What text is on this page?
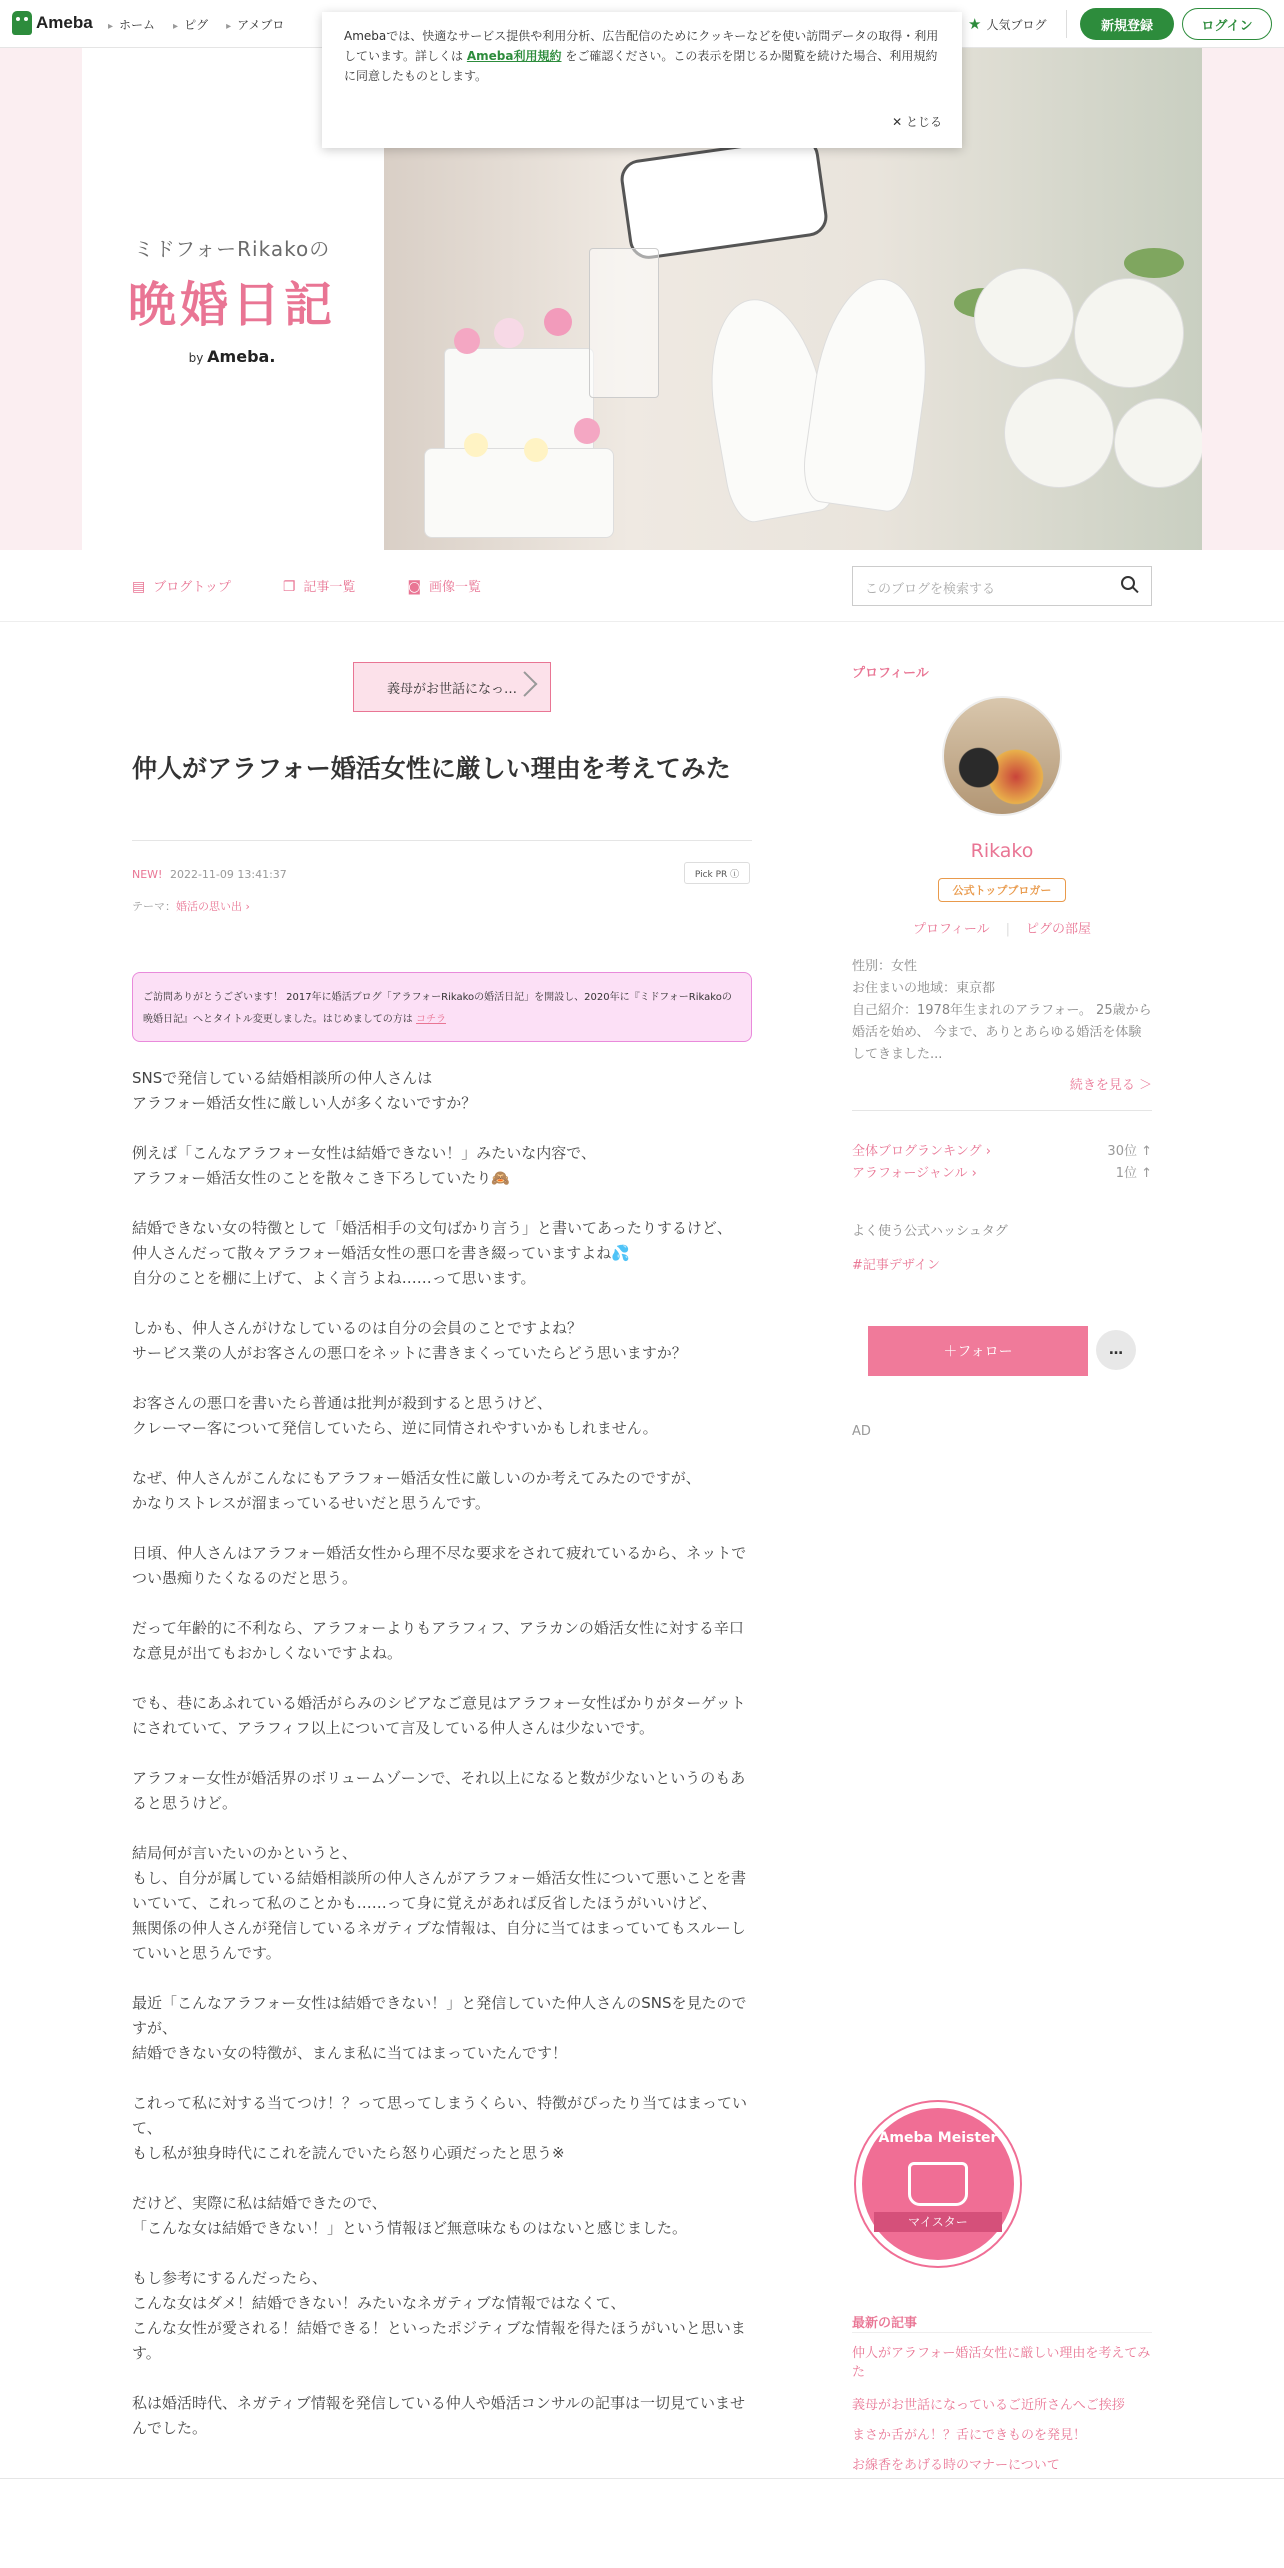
Ameba	▸ ホーム	▸ ピグ	▸ アメブロ	★ 人気ブログ	新規登録	ログイン
Amebaでは、快適なサービス提供や利用分析、広告配信のためにクッキーなどを使い訪問データの取得・利用しています。詳しくは Ameba利用規約 をご確認ください。この表示を閉じるか閲覧を続けた場合、利用規約に同意したものとします。
✕ とじる
ミドフォーRikakoの
晩婚日記
by Ameba.
▤ ブログトップ	❐ 記事一覧	◙ 画像一覧	このブログを検索する
義母がお世話になっ…
仲人がアラフォー婚活女性に厳しい理由を考えてみた
NEW! 2022-11-09 13:41:37	Pick PR ⓘ
テーマ：婚活の思い出 ›
ご訪問ありがとうございます！ 2017年に婚活ブログ「アラフォーRikakoの婚活日記」を開設し、2020年に『ミドフォーRikakoの晩婚日記』へとタイトル変更しました。はじめましての方は コチラ

SNSで発信している結婚相談所の仲人さんは
アラフォー婚活女性に厳しい人が多くないですか？

例えば「こんなアラフォー女性は結婚できない！」みたいな内容で、
アラフォー婚活女性のことを散々こき下ろしていたり🙈

結婚できない女の特徴として「婚活相手の文句ばかり言う」と書いてあったりするけど、
仲人さんだって散々アラフォー婚活女性の悪口を書き綴っていますよね💦
自分のことを棚に上げて、よく言うよね……って思います。

しかも、仲人さんがけなしているのは自分の会員のことですよね？
サービス業の人がお客さんの悪口をネットに書きまくっていたらどう思いますか？

お客さんの悪口を書いたら普通は批判が殺到すると思うけど、
クレーマー客について発信していたら、逆に同情されやすいかもしれません。

なぜ、仲人さんがこんなにもアラフォー婚活女性に厳しいのか考えてみたのですが、
かなりストレスが溜まっているせいだと思うんです。

日頃、仲人さんはアラフォー婚活女性から理不尽な要求をされて疲れているから、ネットでつい愚痴りたくなるのだと思う。

だって年齢的に不利なら、アラフォーよりもアラフィフ、アラカンの婚活女性に対する辛口な意見が出てもおかしくないですよね。

でも、巷にあふれている婚活がらみのシビアなご意見はアラフォー女性ばかりがターゲットにされていて、アラフィフ以上について言及している仲人さんは少ないです。

アラフォー女性が婚活界のボリュームゾーンで、それ以上になると数が少ないというのもあると思うけど。

結局何が言いたいのかというと、
もし、自分が属している結婚相談所の仲人さんがアラフォー婚活女性について悪いことを書いていて、これって私のことかも……って身に覚えがあれば反省したほうがいいけど、
無関係の仲人さんが発信しているネガティブな情報は、自分に当てはまっていてもスルーしていいと思うんです。

最近「こんなアラフォー女性は結婚できない！」と発信していた仲人さんのSNSを見たのですが、
結婚できない女の特徴が、まんま私に当てはまっていたんです！

これって私に対する当てつけ！？って思ってしまうくらい、特徴がぴったり当てはまっていて、
もし私が独身時代にこれを読んでいたら怒り心頭だったと思う※

だけど、実際に私は結婚できたので、
「こんな女は結婚できない！」という情報ほど無意味なものはないと感じました。

もし参考にするんだったら、
こんな女はダメ！結婚できない！みたいなネガティブな情報ではなくて、
こんな女性が愛される！結婚できる！といったポジティブな情報を得たほうがいいと思います。

私は婚活時代、ネガティブ情報を発信している仲人や婚活コンサルの記事は一切見ていませんでした。

プロフィール
Rikako
公式トップブロガー
プロフィール | ピグの部屋
性別：女性
お住まいの地域：東京都
自己紹介：1978年生まれのアラフォー。 25歳から婚活を始め、 今まで、ありとあらゆる婚活を体験してきました...
続きを見る ＞
全体ブログランキング ›	30位 ↑
アラフォージャンル ›	1位 ↑
よく使う公式ハッシュタグ
#記事デザイン
＋フォロー	…
AD
Ameba Meister
マイスター
最新の記事
仲人がアラフォー婚活女性に厳しい理由を考えてみた
義母がお世話になっているご近所さんへご挨拶
まさか舌がん！？舌にできものを発見！
お線香をあげる時のマナーについて
